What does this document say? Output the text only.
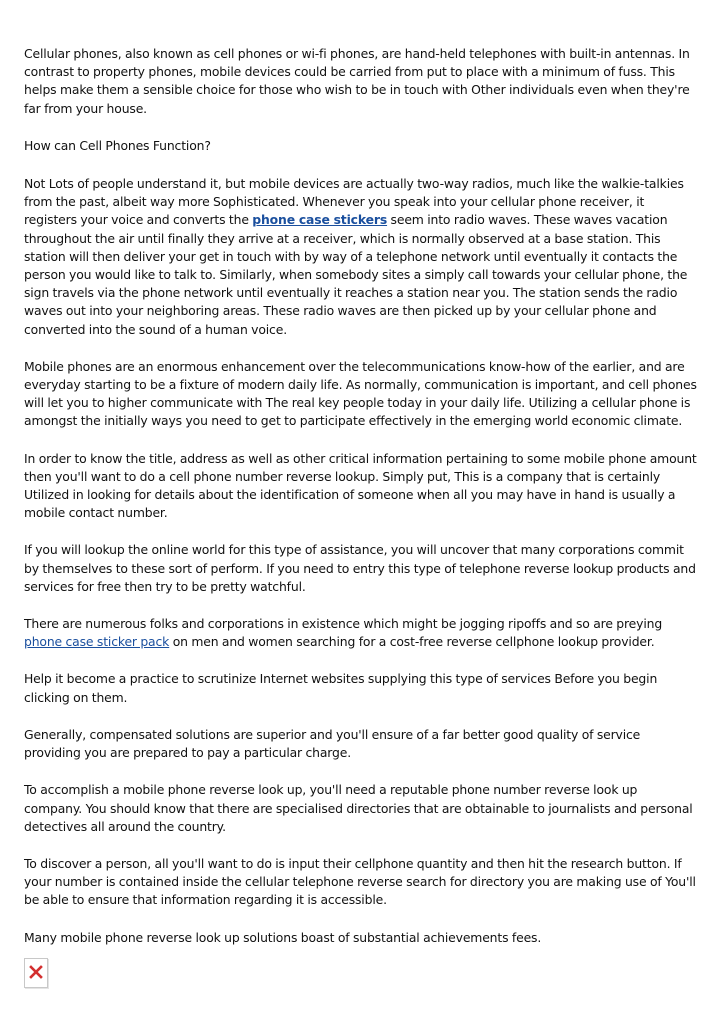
Cellular phones, also known as cell phones or wi-fi phones, are hand-held telephones with built-in antennas. In contrast to property phones, mobile devices could be carried from put to place with a minimum of fuss. This helps make them a sensible choice for those who wish to be in touch with Other individuals even when they're far from your house.

How can Cell Phones Function?

Not Lots of people understand it, but mobile devices are actually two-way radios, much like the walkie-talkies from the past, albeit way more Sophisticated. Whenever you speak into your cellular phone receiver, it registers your voice and converts the phone case stickers seem into radio waves. These waves vacation throughout the air until finally they arrive at a receiver, which is normally observed at a base station. This station will then deliver your get in touch with by way of a telephone network until eventually it contacts the person you would like to talk to. Similarly, when somebody sites a simply call towards your cellular phone, the sign travels via the phone network until eventually it reaches a station near you. The station sends the radio waves out into your neighboring areas. These radio waves are then picked up by your cellular phone and converted into the sound of a human voice.

Mobile phones are an enormous enhancement over the telecommunications know-how of the earlier, and are everyday starting to be a fixture of modern daily life. As normally, communication is important, and cell phones will let you to higher communicate with The real key people today in your daily life. Utilizing a cellular phone is amongst the initially ways you need to get to participate effectively in the emerging world economic climate.

In order to know the title, address as well as other critical information pertaining to some mobile phone amount then you'll want to do a cell phone number reverse lookup. Simply put, This is a company that is certainly Utilized in looking for details about the identification of someone when all you may have in hand is usually a mobile contact number.

If you will lookup the online world for this type of assistance, you will uncover that many corporations commit by themselves to these sort of perform. If you need to entry this type of telephone reverse lookup products and services for free then try to be pretty watchful.

There are numerous folks and corporations in existence which might be jogging ripoffs and so are preying phone case sticker pack on men and women searching for a cost-free reverse cellphone lookup provider.

Help it become a practice to scrutinize Internet websites supplying this type of services Before you begin clicking on them.

Generally, compensated solutions are superior and you'll ensure of a far better good quality of service providing you are prepared to pay a particular charge.

To accomplish a mobile phone reverse look up, you'll need a reputable phone number reverse look up company. You should know that there are specialised directories that are obtainable to journalists and personal detectives all around the country.

To discover a person, all you'll want to do is input their cellphone quantity and then hit the research button. If your number is contained inside the cellular telephone reverse search for directory you are making use of You'll be able to ensure that information regarding it is accessible.

Many mobile phone reverse look up solutions boast of substantial achievements fees.
